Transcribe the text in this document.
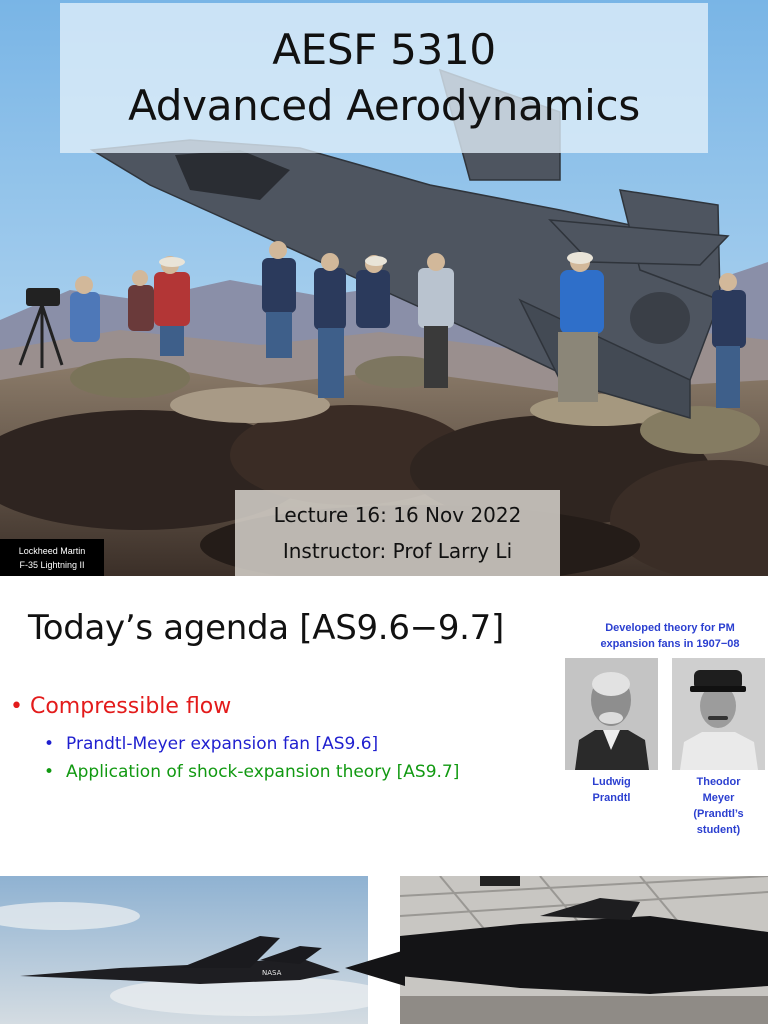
AESF 5310
Advanced Aerodynamics
Lecture 16: 16 Nov 2022
Instructor: Prof Larry Li
Lockheed Martin
F-35 Lightning II
Today’s agenda [AS9.6−9.7]
• Compressible flow
• Prandtl-Meyer expansion fan [AS9.6]
• Application of shock-expansion theory [AS9.7]
Developed theory for PM
expansion fans in 1907−08
Ludwig
Prandtl
Theodor
Meyer
(Prandtl’s
student)
NASA
